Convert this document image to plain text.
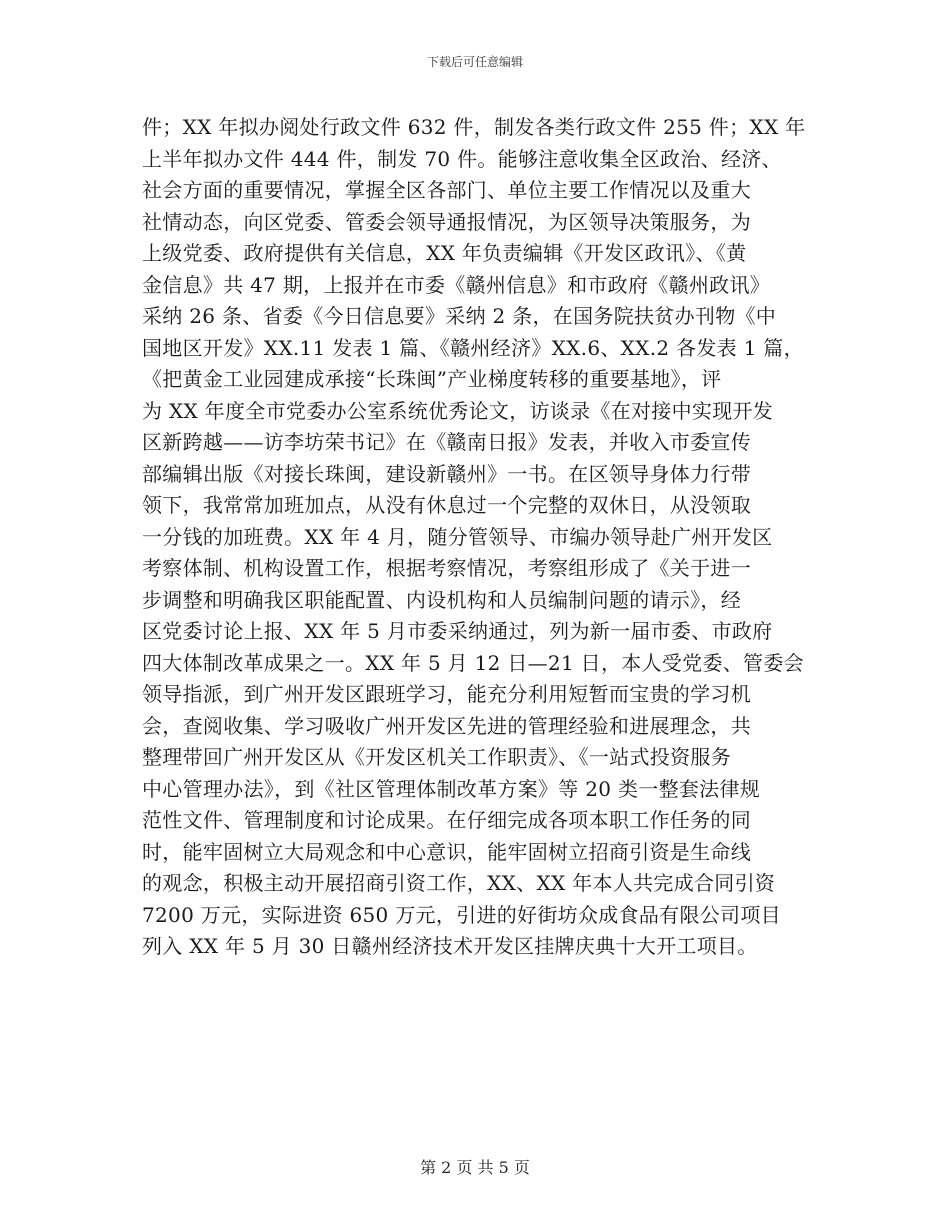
下载后可任意编辑
件；XX 年拟办阅处行政文件 632 件，制发各类行政文件 255 件；XX 年
上半年拟办文件 444 件，制发 70 件。能够注意收集全区政治、经济、
社会方面的重要情况，掌握全区各部门、单位主要工作情况以及重大
社情动态，向区党委、管委会领导通报情况，为区领导决策服务，为
上级党委、政府提供有关信息，XX 年负责编辑《开发区政讯》、《黄
金信息》共 47 期，上报并在市委《赣州信息》和市政府《赣州政讯》
采纳 26 条、省委《今日信息要》采纳 2 条，在国务院扶贫办刊物《中
国地区开发》XX.11 发表 1 篇、《赣州经济》XX.6、XX.2 各发表 1 篇，
《把黄金工业园建成承接“长珠闽”产业梯度转移的重要基地》，评
为 XX 年度全市党委办公室系统优秀论文，访谈录《在对接中实现开发
区新跨越——访李坊荣书记》在《赣南日报》发表，并收入市委宣传
部编辑出版《对接长珠闽，建设新赣州》一书。在区领导身体力行带
领下，我常常加班加点，从没有休息过一个完整的双休日，从没领取
一分钱的加班费。XX 年 4 月，随分管领导、市编办领导赴广州开发区
考察体制、机构设置工作，根据考察情况，考察组形成了《关于进一
步调整和明确我区职能配置、内设机构和人员编制问题的请示》，经
区党委讨论上报、XX 年 5 月市委采纳通过，列为新一届市委、市政府
四大体制改革成果之一。XX 年 5 月 12 日—21 日，本人受党委、管委会
领导指派，到广州开发区跟班学习，能充分利用短暂而宝贵的学习机
会，查阅收集、学习吸收广州开发区先进的管理经验和进展理念，共
整理带回广州开发区从《开发区机关工作职责》、《一站式投资服务
中心管理办法》，到《社区管理体制改革方案》等 20 类一整套法律规
范性文件、管理制度和讨论成果。在仔细完成各项本职工作任务的同
时，能牢固树立大局观念和中心意识，能牢固树立招商引资是生命线
的观念，积极主动开展招商引资工作，XX、XX 年本人共完成合同引资
7200 万元，实际进资 650 万元，引进的好街坊众成食品有限公司项目
列入 XX 年 5 月 30 日赣州经济技术开发区挂牌庆典十大开工项目。
第 2 页 共 5 页
